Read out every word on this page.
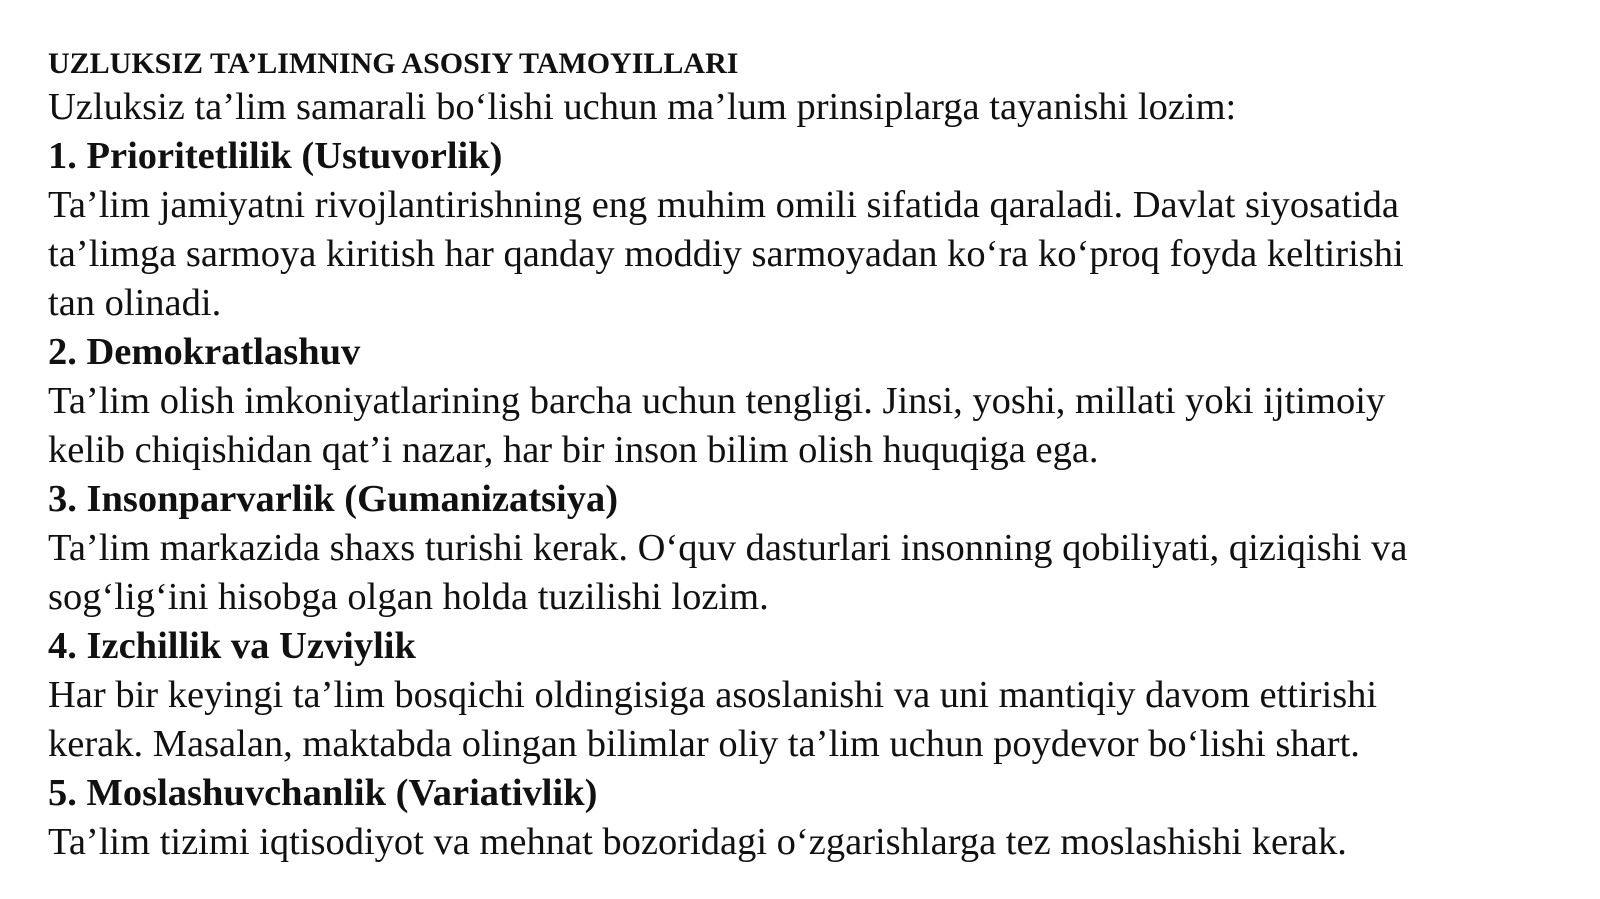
UZLUKSIZ TA’LIMNING ASOSIY TAMOYILLARI

Uzluksiz ta’lim samarali bo‘lishi uchun ma’lum prinsiplarga tayanishi lozim:

1. Prioritetlilik (Ustuvorlik)

Ta’lim jamiyatni rivojlantirishning eng muhim omili sifatida qaraladi. Davlat siyosatida
ta’limga sarmoya kiritish har qanday moddiy sarmoyadan ko‘ra ko‘proq foyda keltirishi
tan olinadi.

2. Demokratlashuv

Ta’lim olish imkoniyatlarining barcha uchun tengligi. Jinsi, yoshi, millati yoki ijtimoiy
kelib chiqishidan qat’i nazar, har bir inson bilim olish huquqiga ega.

3. Insonparvarlik (Gumanizatsiya)

Ta’lim markazida shaxs turishi kerak. O‘quv dasturlari insonning qobiliyati, qiziqishi va
sog‘lig‘ini hisobga olgan holda tuzilishi lozim.

4. Izchillik va Uzviylik

Har bir keyingi ta’lim bosqichi oldingisiga asoslanishi va uni mantiqiy davom ettirishi
kerak. Masalan, maktabda olingan bilimlar oliy ta’lim uchun poydevor bo‘lishi shart.

5. Moslashuvchanlik (Variativlik)

Ta’lim tizimi iqtisodiyot va mehnat bozoridagi o‘zgarishlarga tez moslashishi kerak.
